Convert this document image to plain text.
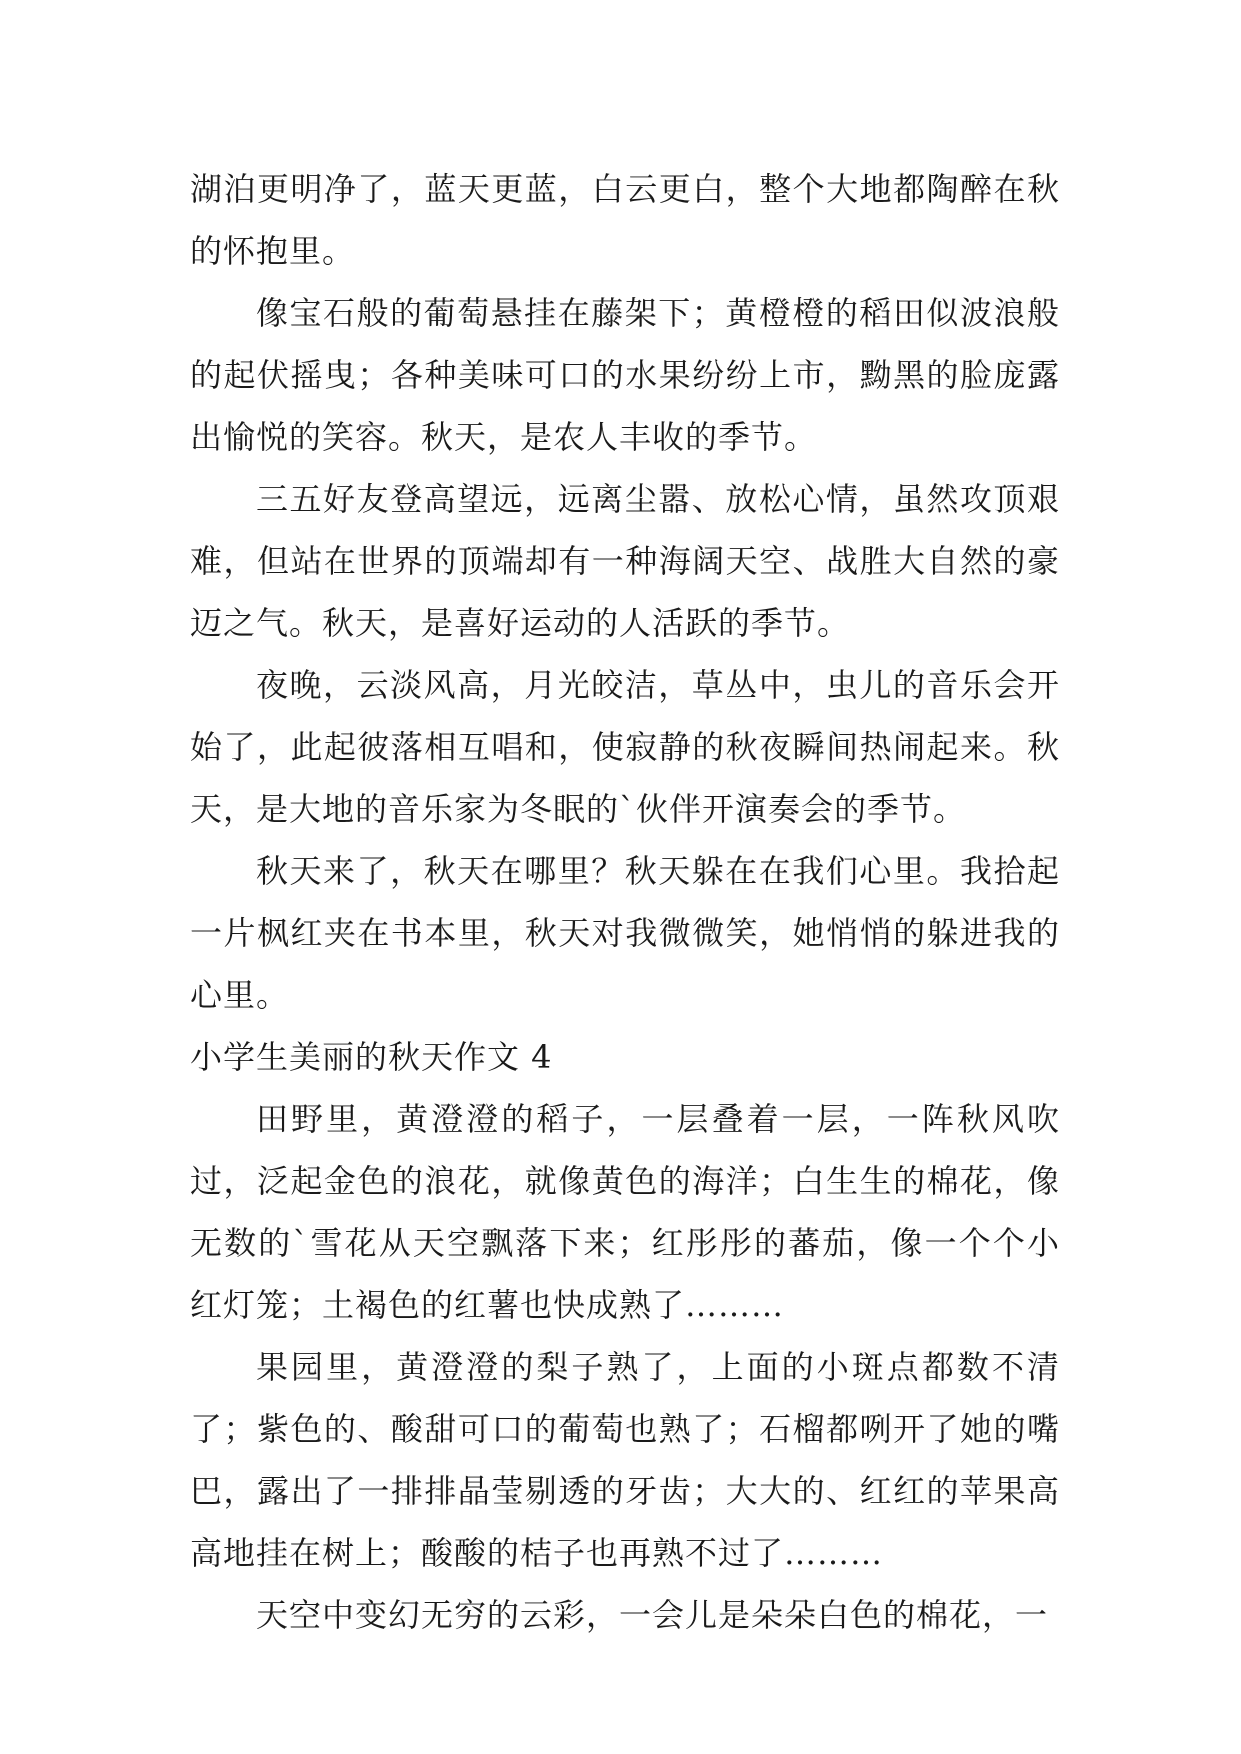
湖泊更明净了，蓝天更蓝，白云更白，整个大地都陶醉在秋的怀抱里。

像宝石般的葡萄悬挂在藤架下；黄橙橙的稻田似波浪般的起伏摇曳；各种美味可口的水果纷纷上市，黝黑的脸庞露出愉悦的笑容。秋天，是农人丰收的季节。

三五好友登高望远，远离尘嚣、放松心情，虽然攻顶艰难，但站在世界的顶端却有一种海阔天空、战胜大自然的豪迈之气。秋天，是喜好运动的人活跃的季节。

夜晚，云淡风高，月光皎洁，草丛中，虫儿的音乐会开始了，此起彼落相互唱和，使寂静的秋夜瞬间热闹起来。秋天，是大地的音乐家为冬眠的`伙伴开演奏会的季节。

秋天来了，秋天在哪里？秋天躲在在我们心里。我拾起一片枫红夹在书本里，秋天对我微微笑，她悄悄的躲进我的心里。

小学生美丽的秋天作文 4

田野里，黄澄澄的稻子，一层叠着一层，一阵秋风吹过，泛起金色的浪花，就像黄色的海洋；白生生的棉花，像无数的`雪花从天空飘落下来；红彤彤的蕃茄，像一个个小红灯笼；土褐色的红薯也快成熟了………

果园里，黄澄澄的梨子熟了，上面的小斑点都数不清了；紫色的、酸甜可口的葡萄也熟了；石榴都咧开了她的嘴巴，露出了一排排晶莹剔透的牙齿；大大的、红红的苹果高高地挂在树上；酸酸的桔子也再熟不过了………

天空中变幻无穷的云彩，一会儿是朵朵白色的棉花，一
